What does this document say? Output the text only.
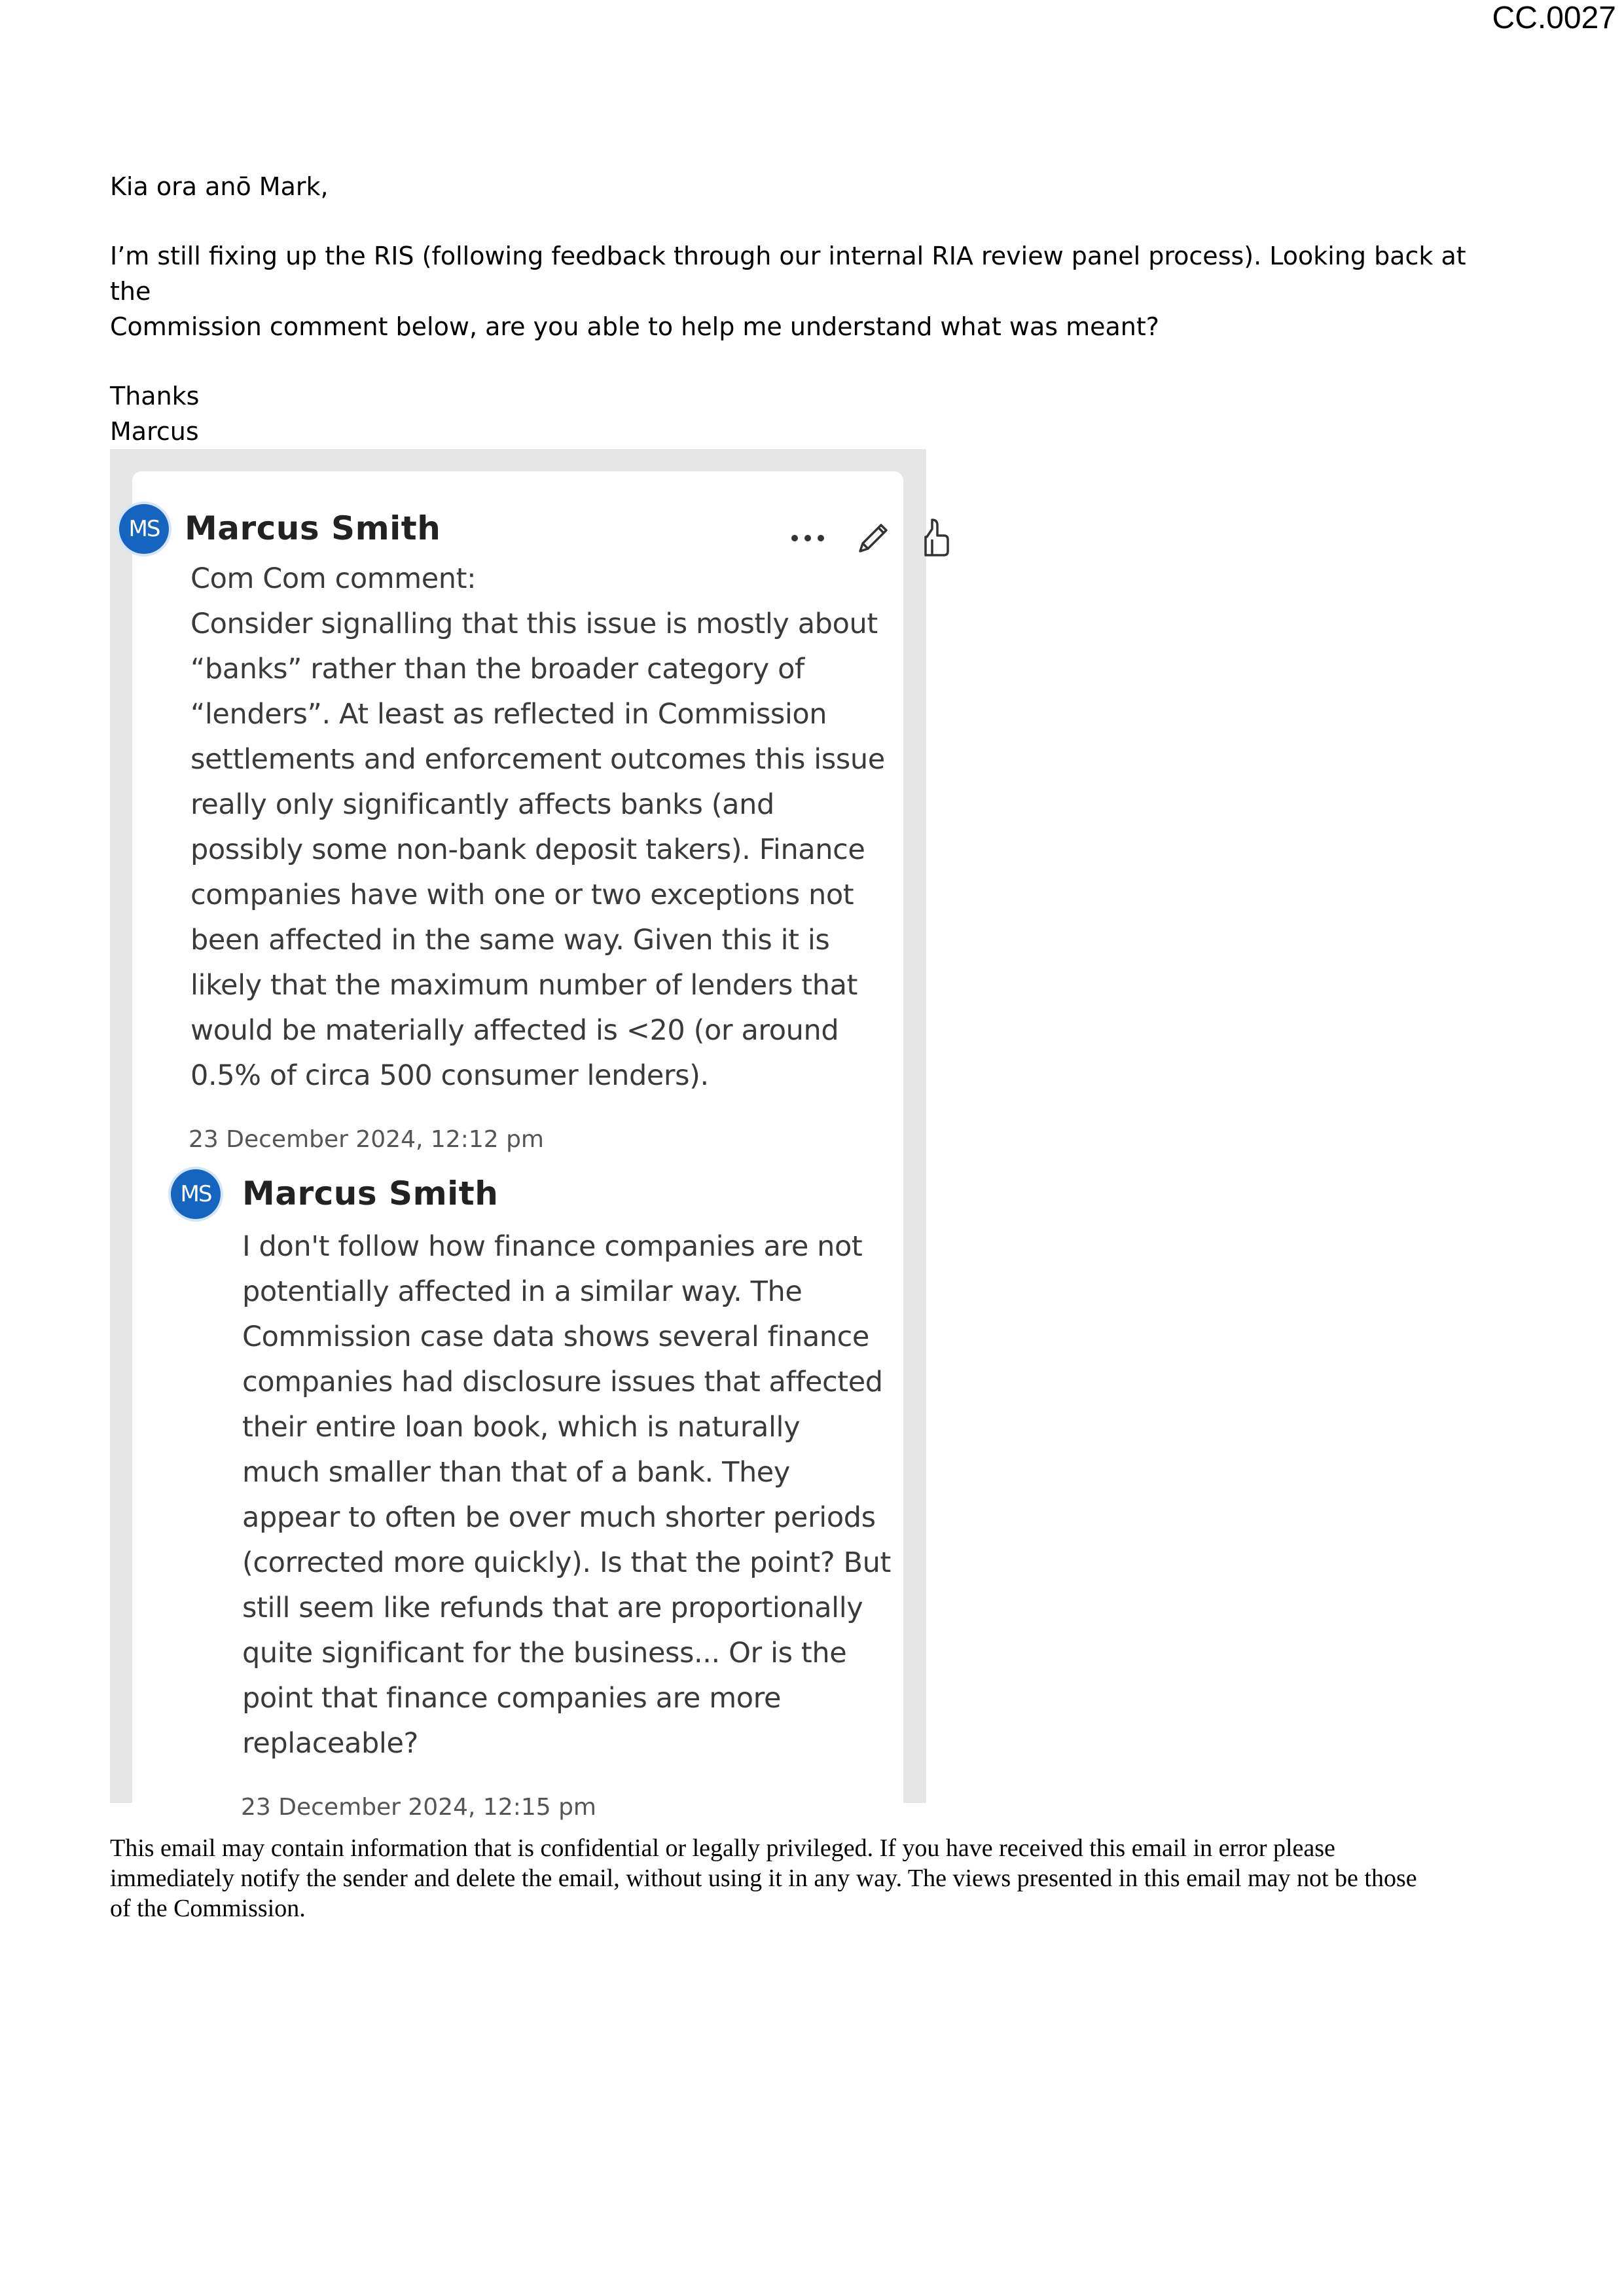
CC.0027

Kia ora anō Mark,

I’m still fixing up the RIS (following feedback through our internal RIA review panel process). Looking back at the
Commission comment below, are you able to help me understand what was meant?

Thanks

Marcus

MS Marcus Smith
Com Com comment:
Consider signalling that this issue is mostly about
“banks” rather than the broader category of
“lenders”. At least as reflected in Commission
settlements and enforcement outcomes this issue
really only significantly affects banks (and
possibly some non-bank deposit takers). Finance
companies have with one or two exceptions not
been affected in the same way. Given this it is
likely that the maximum number of lenders that
would be materially affected is <20 (or around
0.5% of circa 500 consumer lenders).
23 December 2024, 12:12 pm
MS Marcus Smith
I don't follow how finance companies are not
potentially affected in a similar way. The
Commission case data shows several finance
companies had disclosure issues that affected
their entire loan book, which is naturally
much smaller than that of a bank. They
appear to often be over much shorter periods
(corrected more quickly). Is that the point? But
still seem like refunds that are proportionally
quite significant for the business... Or is the
point that finance companies are more
replaceable?
23 December 2024, 12:15 pm
This email may contain information that is confidential or legally privileged. If you have received this email in error please
immediately notify the sender and delete the email, without using it in any way. The views presented in this email may not be those
of the Commission.
